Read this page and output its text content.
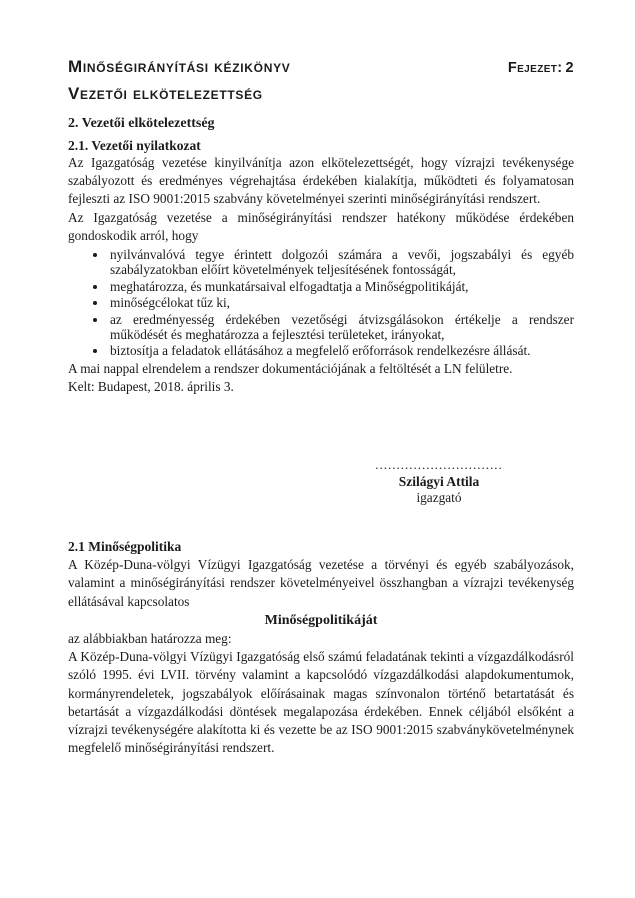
Minőségirányítási kézikönyv	Fejezet: 2
Vezetői elkötelezettség
2. Vezetői elkötelezettség
2.1. Vezetői nyilatkozat

Az Igazgatóság vezetése kinyilvánítja azon elkötelezettségét, hogy vízrajzi tevékenysége szabályozott és eredményes végrehajtása érdekében kialakítja, működteti és folyamatosan fejleszti az ISO 9001:2015 szabvány követelményei szerinti minőségirányítási rendszert.

Az Igazgatóság vezetése a minőségirányítási rendszer hatékony működése érdekében gondoskodik arról, hogy

• nyilvánvalóvá tegye érintett dolgozói számára a vevői, jogszabályi és egyéb szabályzatokban előírt követelmények teljesítésének fontosságát,
• meghatározza, és munkatársaival elfogadtatja a Minőségpolitikáját,
• minőségcélokat tűz ki,
• az eredményesség érdekében vezetőségi átvizsgálásokon értékelje a rendszer működését és meghatározza a fejlesztési területeket, irányokat,
• biztosítja a feladatok ellátásához a megfelelő erőforrások rendelkezésre állását.

A mai nappal elrendelem a rendszer dokumentációjának a feltöltését a LN felületre.

Kelt: Budapest, 2018. április 3.

..............................
Szilágyi Attila
igazgató
2.1 Minőségpolitika

A Közép-Duna-völgyi Vízügyi Igazgatóság vezetése a törvényi és egyéb szabályozások, valamint a minőségirányítási rendszer követelményeivel összhangban a vízrajzi tevékenység ellátásával kapcsolatos

Minőségpolitikáját

az alábbiakban határozza meg:

A Közép-Duna-völgyi Vízügyi Igazgatóság első számú feladatának tekinti a vízgazdálkodásról szóló 1995. évi LVII. törvény valamint a kapcsolódó vízgazdálkodási alapdokumentumok, kormányrendeletek, jogszabályok előírásainak magas színvonalon történő betartatását és betartását a vízgazdálkodási döntések megalapozása érdekében. Ennek céljából elsőként a vízrajzi tevékenységére alakította ki és vezette be az ISO 9001:2015 szabványkövetelménynek megfelelő minőségirányítási rendszert.
